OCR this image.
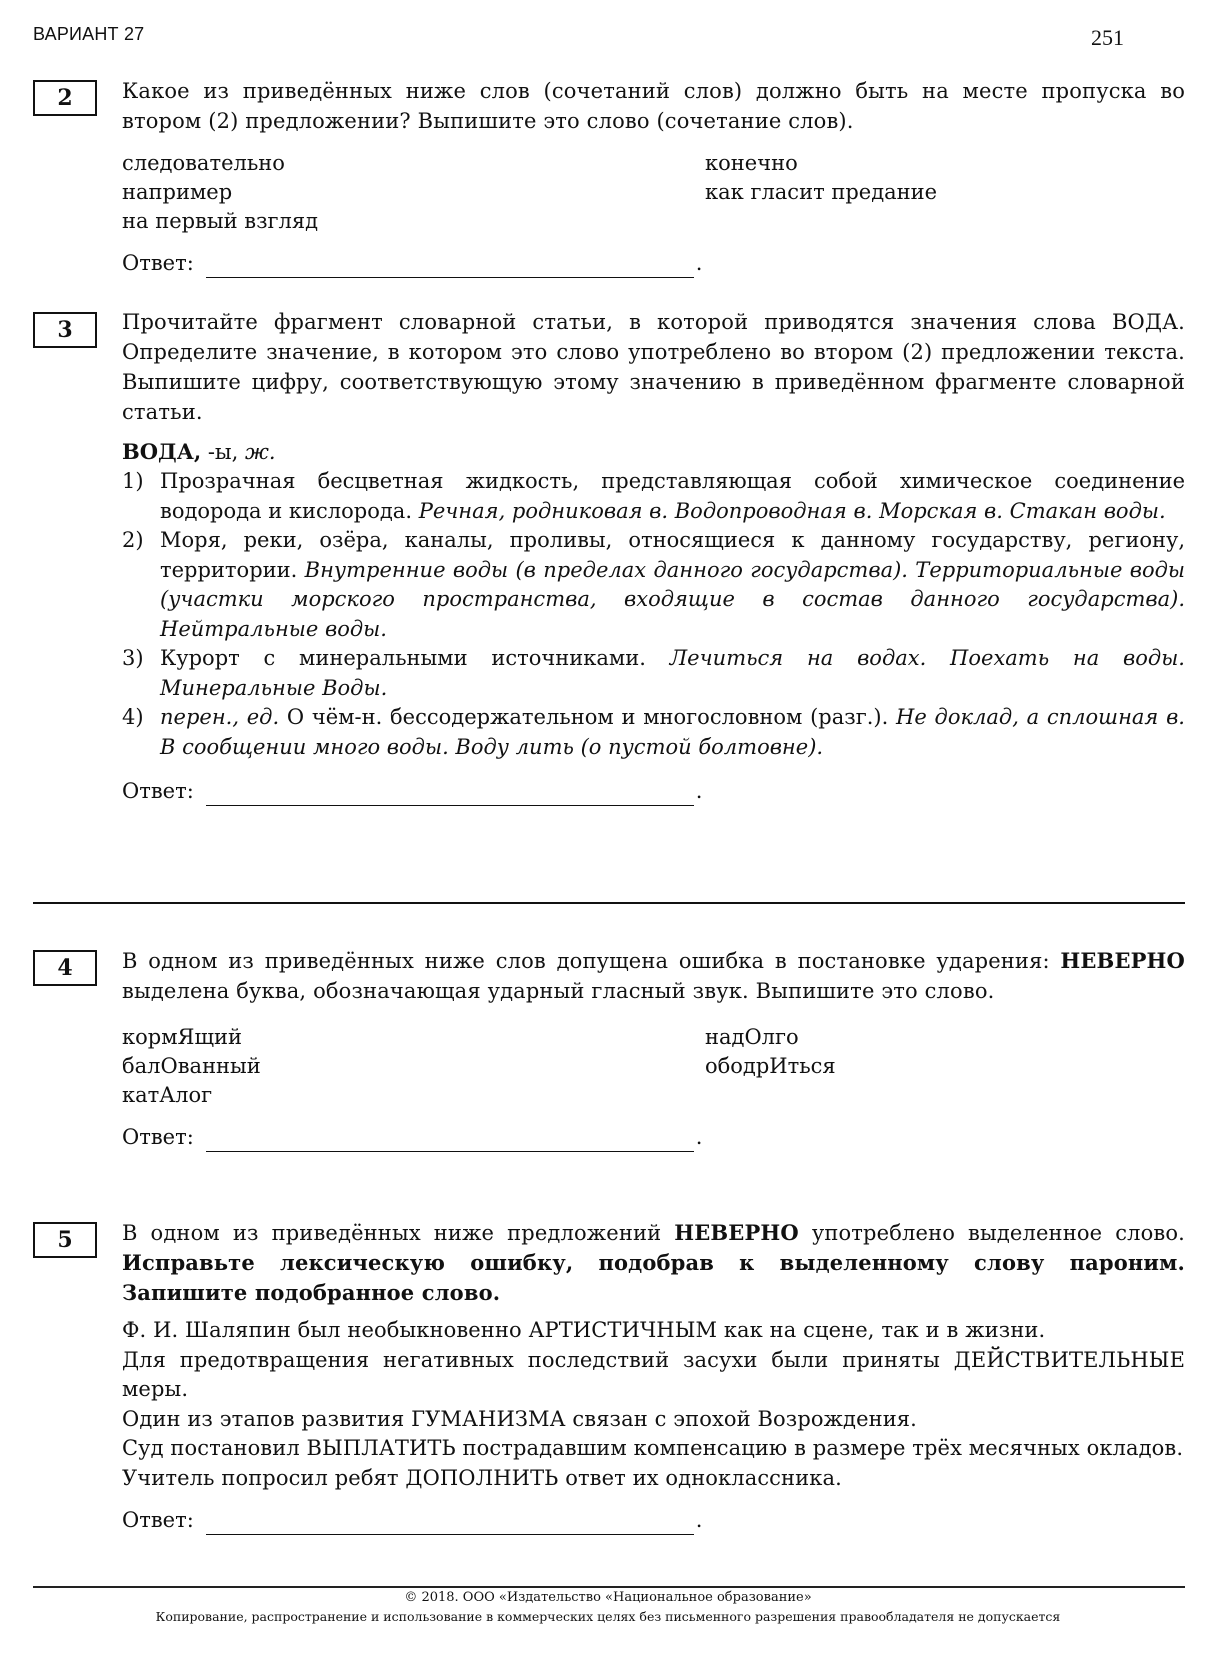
ВАРИАНТ 27	251
2	Какое из приведённых ниже слов (сочетаний слов) должно быть на месте пропуска во втором (2) предложении? Выпишите это слово (сочетание слов).
следовательно
например
на первый взгляд
конечно
как гласит предание
Ответ:	.
3	Прочитайте фрагмент словарной статьи, в которой приводятся значения слова ВОДА. Определите значение, в котором это слово употреблено во втором (2) предложении текста. Выпишите цифру, соответствующую этому значению в приведённом фрагменте словарной статьи.
ВОДА, -ы, ж.
1) Прозрачная бесцветная жидкость, представляющая собой химическое соединение водорода и кислорода. Речная, родниковая в. Водопроводная в. Морская в. Стакан воды.
2) Моря, реки, озёра, каналы, проливы, относящиеся к данному государству, региону, территории. Внутренние воды (в пределах данного государства). Территориальные воды (участки морского пространства, входящие в состав данного государства). Нейтральные воды.
3) Курорт с минеральными источниками. Лечиться на водах. Поехать на воды. Минеральные Воды.
4) перен., ед. О чём-н. бессодержательном и многословном (разг.). Не доклад, а сплошная в. В сообщении много воды. Воду лить (о пустой болтовне).
Ответ:	.
4	В одном из приведённых ниже слов допущена ошибка в постановке ударения: НЕВЕРНО выделена буква, обозначающая ударный гласный звук. Выпишите это слово.
кормЯщий
балОванный
катАлог
надОлго
ободрИться
Ответ:	.
5	В одном из приведённых ниже предложений НЕВЕРНО употреблено выделенное слово. Исправьте лексическую ошибку, подобрав к выделенному слову пароним. Запишите подобранное слово.
Ф. И. Шаляпин был необыкновенно АРТИСТИЧНЫМ как на сцене, так и в жизни.
Для предотвращения негативных последствий засухи были приняты ДЕЙСТВИТЕЛЬНЫЕ меры.
Один из этапов развития ГУМАНИЗМА связан с эпохой Возрождения.
Суд постановил ВЫПЛАТИТЬ пострадавшим компенсацию в размере трёх месячных окладов.
Учитель попросил ребят ДОПОЛНИТЬ ответ их одноклассника.
Ответ:	.
© 2018. ООО «Издательство «Национальное образование»
Копирование, распространение и использование в коммерческих целях без письменного разрешения правообладателя не допускается
